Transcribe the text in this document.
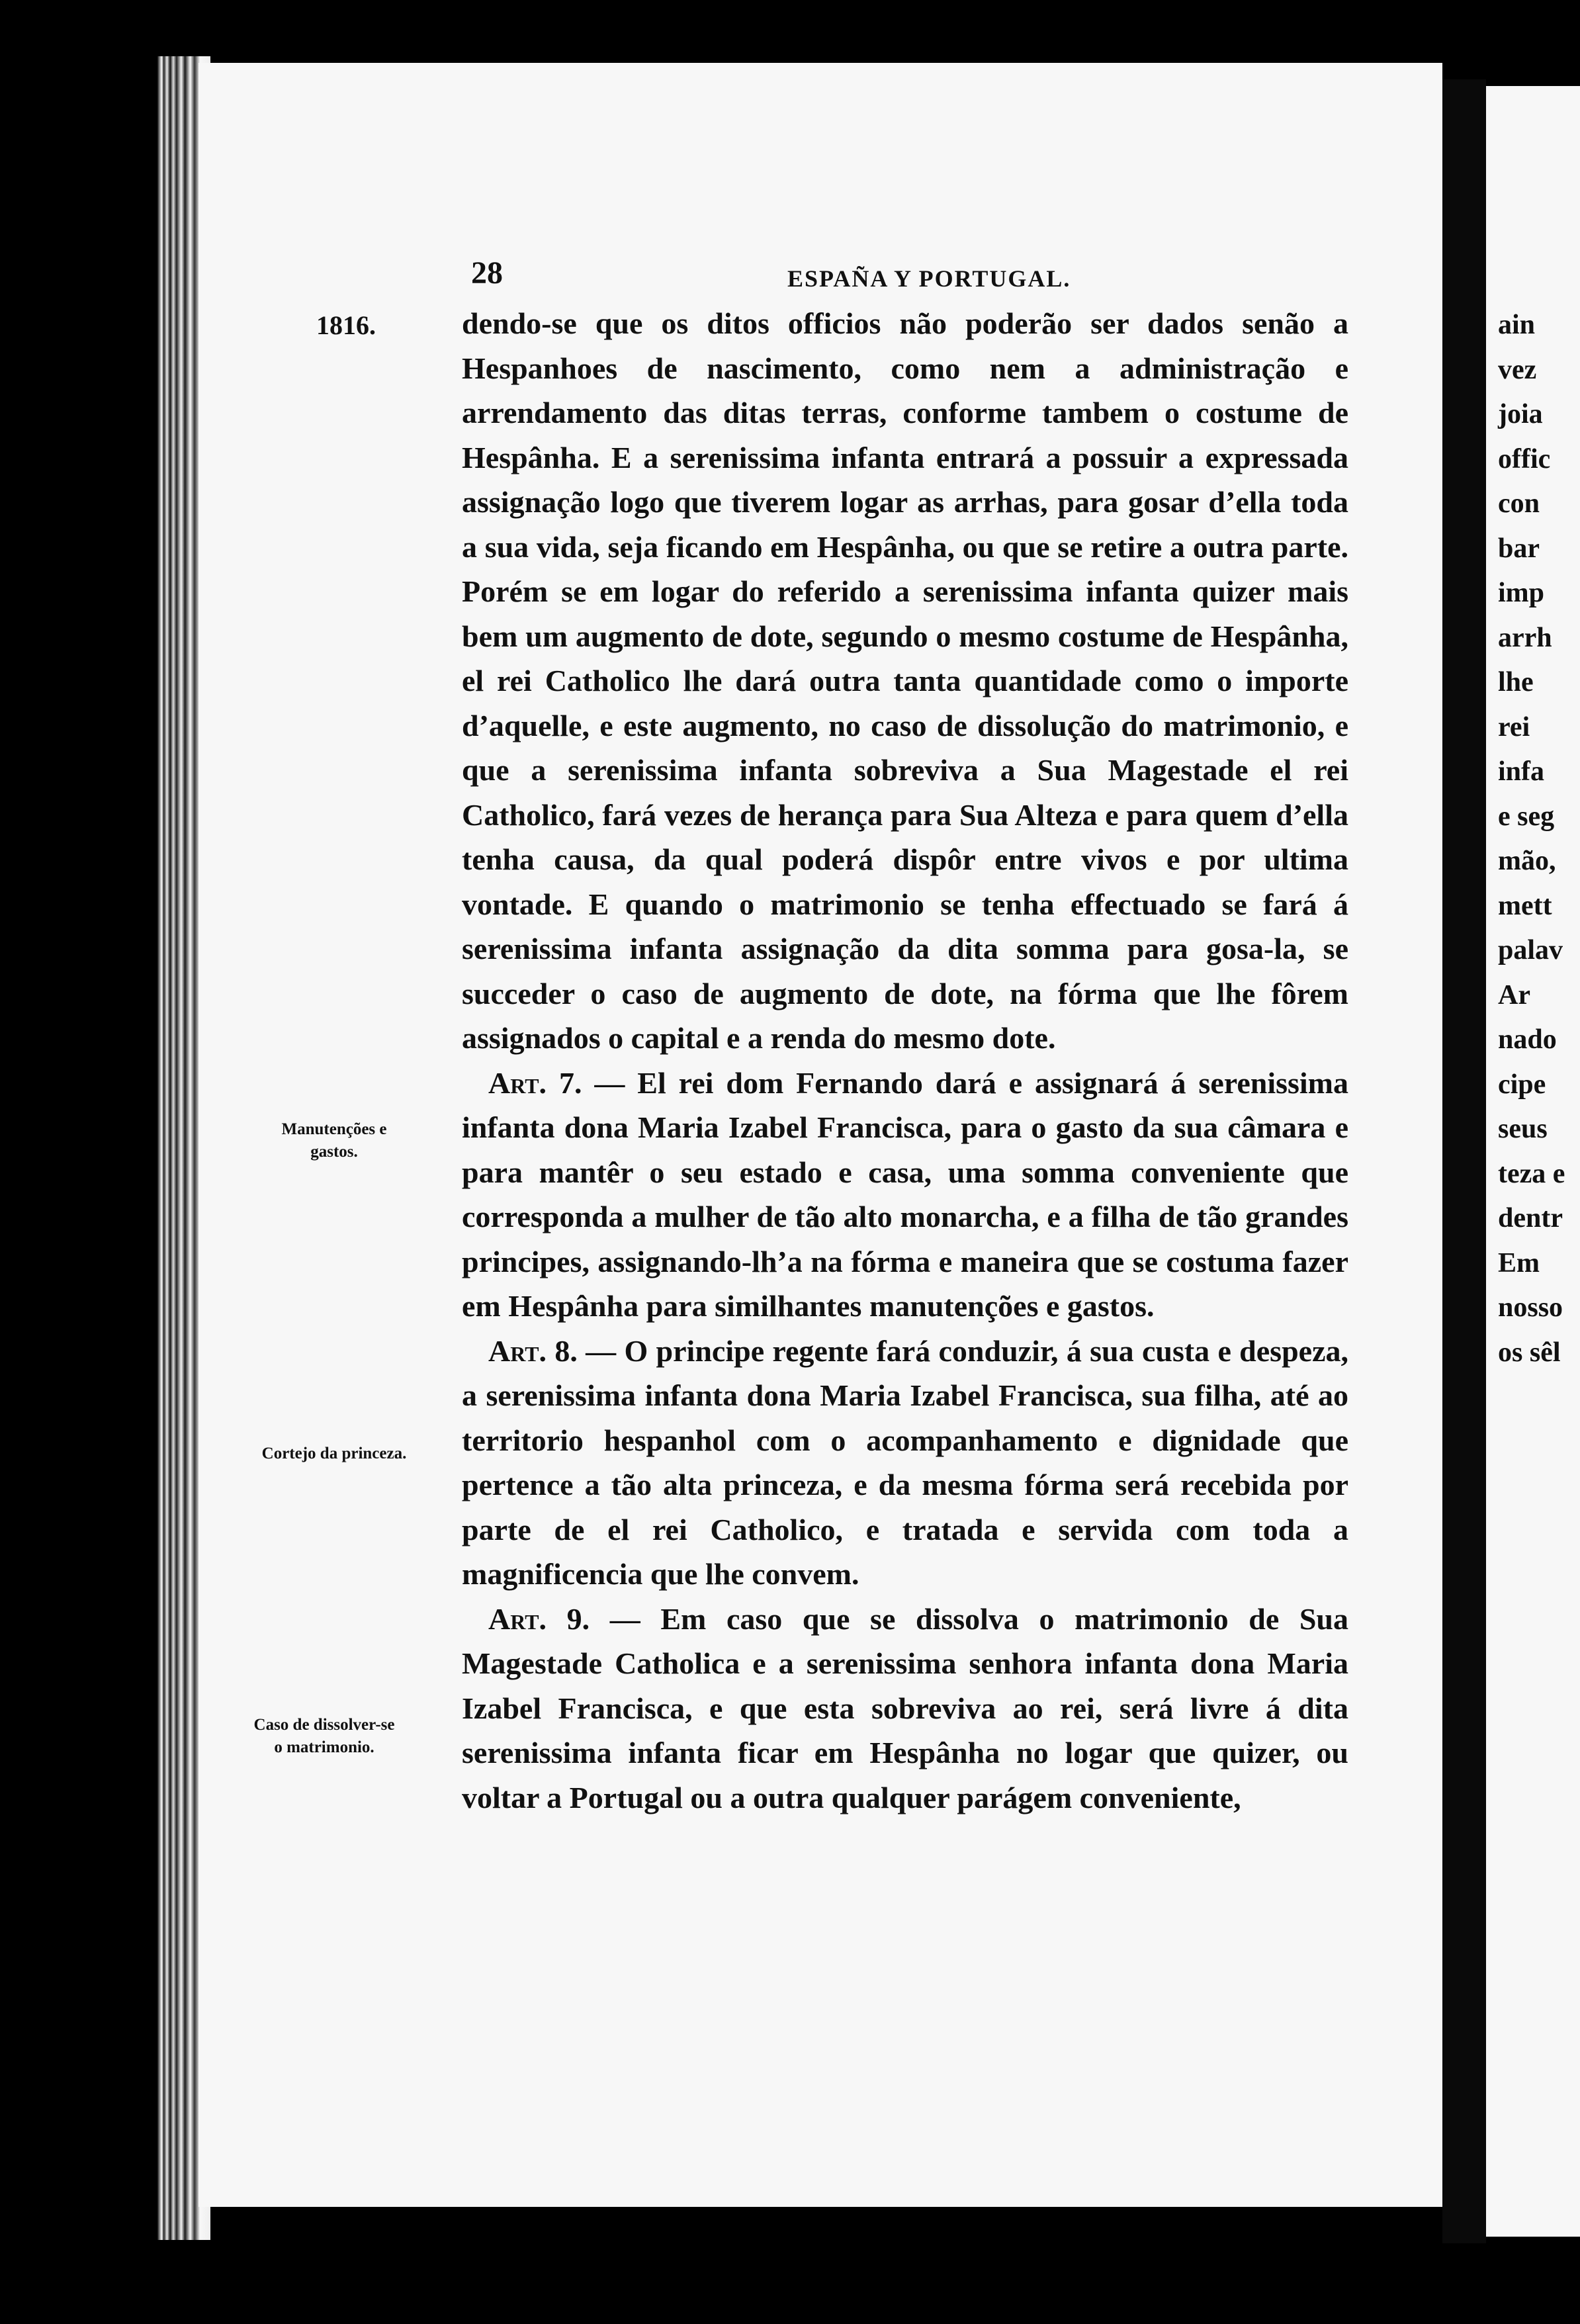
ain
vez
joia
offic
con
bar
imp
arrh
lhe
rei
infa
e seg
mão,
mett
palav
Ar
nado
cipe
seus
teza e
dentr
Em
nosso
os sêl
28	ESPAÑA Y PORTUGAL.
1816.
Manutenções e gastos.
Cortejo da princeza.
Caso de dissolver-se o matrimonio.

dendo-se que os ditos officios não poderão ser dados senão a Hespanhoes de nascimento, como nem a administração e arrendamento das ditas terras, conforme tambem o costume de Hespânha. E a serenissima infanta entrará a possuir a expressada assignação logo que tiverem logar as arrhas, para gosar d’ella toda a sua vida, seja ficando em Hespânha, ou que se retire a outra parte. Porém se em logar do referido a serenissima infanta quizer mais bem um augmento de dote, segundo o mesmo costume de Hespânha, el rei Catholico lhe dará outra tanta quantidade como o importe d’aquelle, e este augmento, no caso de dissolução do matrimonio, e que a serenissima infanta sobreviva a Sua Magestade el rei Catholico, fará vezes de herança para Sua Alteza e para quem d’ella tenha causa, da qual poderá dispôr entre vivos e por ultima vontade. E quando o matrimonio se tenha effectuado se fará á serenissima infanta assignação da dita somma para gosa-la, se succeder o caso de augmento de dote, na fórma que lhe fôrem assignados o capital e a renda do mesmo dote.

Art. 7. — El rei dom Fernando dará e assignará á serenissima infanta dona Maria Izabel Francisca, para o gasto da sua câmara e para mantêr o seu estado e casa, uma somma conveniente que corresponda a mulher de tão alto monarcha, e a filha de tão grandes principes, assignando-lh’a na fórma e maneira que se costuma fazer em Hespânha para similhantes manutenções e gastos.

Art. 8. — O principe regente fará conduzir, á sua custa e despeza, a serenissima infanta dona Maria Izabel Francisca, sua filha, até ao territorio hespanhol com o acompanhamento e dignidade que pertence a tão alta princeza, e da mesma fórma será recebida por parte de el rei Catholico, e tratada e servida com toda a magnificencia que lhe convem.

Art. 9. — Em caso que se dissolva o matrimonio de Sua Magestade Catholica e a serenissima senhora infanta dona Maria Izabel Francisca, e que esta sobreviva ao rei, será livre á dita serenissima infanta ficar em Hespânha no logar que quizer, ou voltar a Portugal ou a outra qualquer parágem conveniente,
